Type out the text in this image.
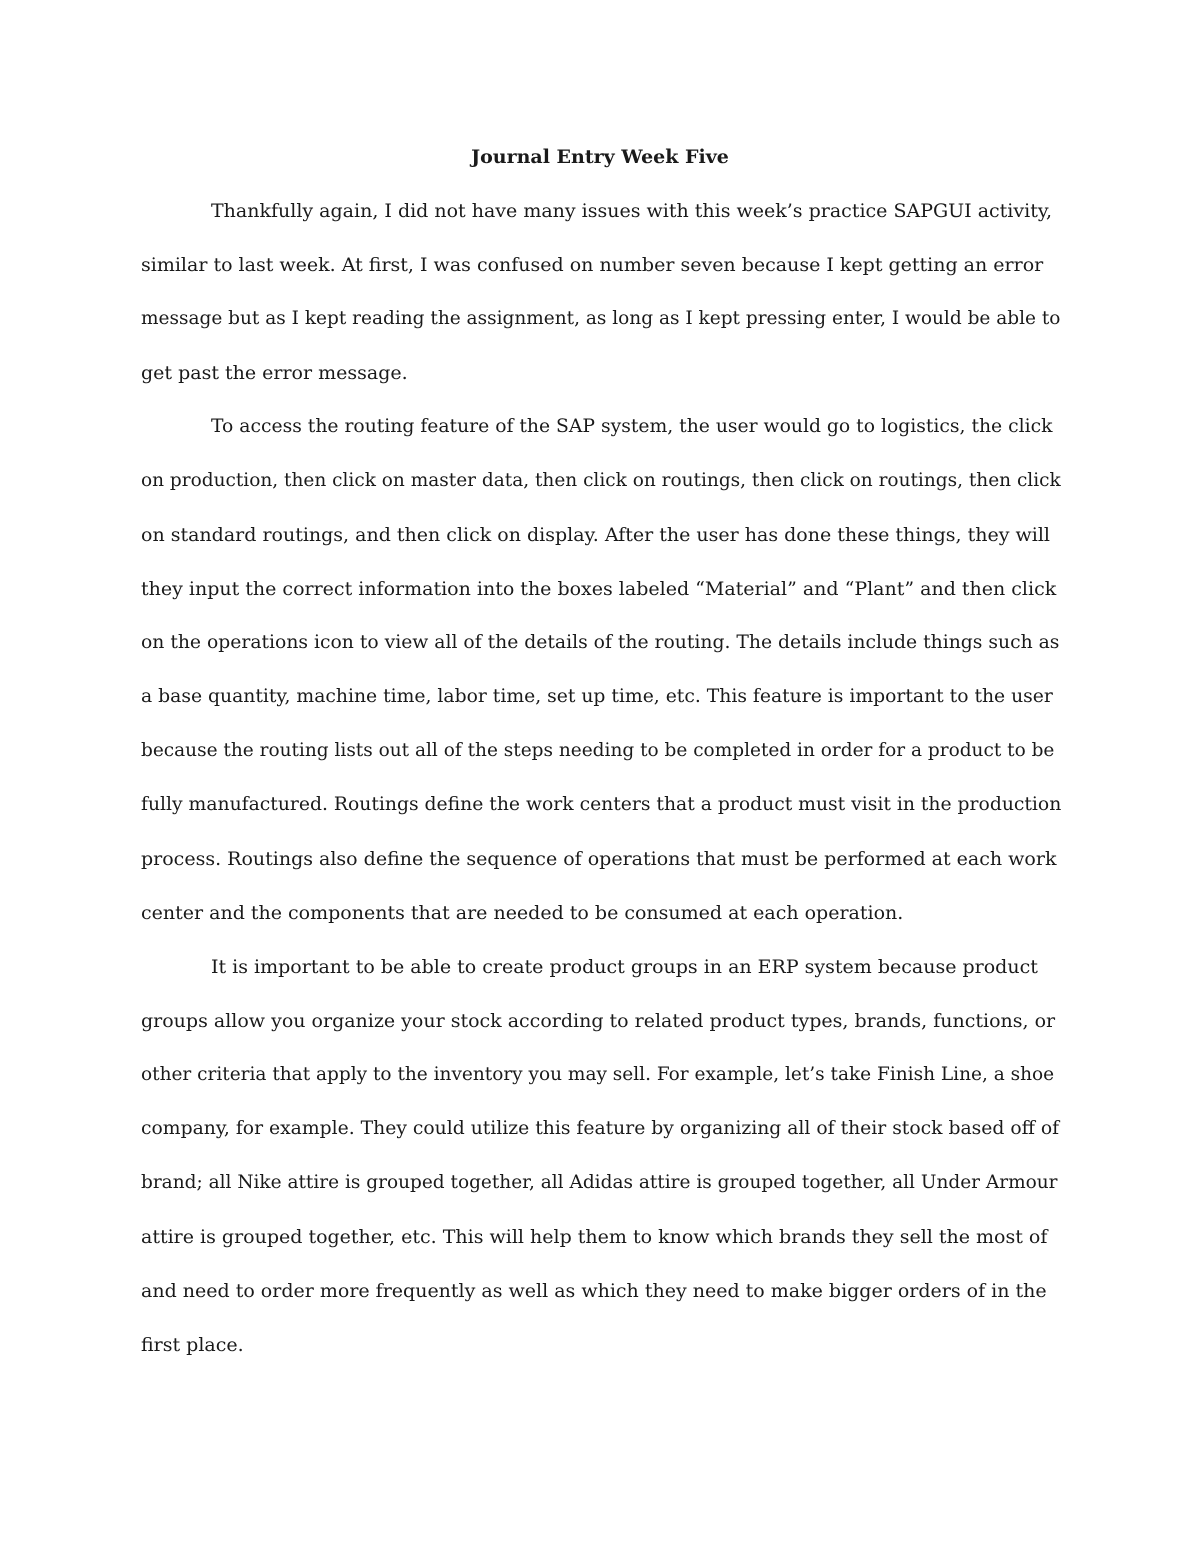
Journal Entry Week Five

Thankfully again, I did not have many issues with this week’s practice SAPGUI activity,

similar to last week. At first, I was confused on number seven because I kept getting an error

message but as I kept reading the assignment, as long as I kept pressing enter, I would be able to

get past the error message.

To access the routing feature of the SAP system, the user would go to logistics, the click

on production, then click on master data, then click on routings, then click on routings, then click

on standard routings, and then click on display. After the user has done these things, they will

they input the correct information into the boxes labeled “Material” and “Plant” and then click

on the operations icon to view all of the details of the routing. The details include things such as

a base quantity, machine time, labor time, set up time, etc. This feature is important to the user

because the routing lists out all of the steps needing to be completed in order for a product to be

fully manufactured. Routings define the work centers that a product must visit in the production

process. Routings also define the sequence of operations that must be performed at each work

center and the components that are needed to be consumed at each operation.

It is important to be able to create product groups in an ERP system because product

groups allow you organize your stock according to related product types, brands, functions, or

other criteria that apply to the inventory you may sell. For example, let’s take Finish Line, a shoe

company, for example. They could utilize this feature by organizing all of their stock based off of

brand; all Nike attire is grouped together, all Adidas attire is grouped together, all Under Armour

attire is grouped together, etc. This will help them to know which brands they sell the most of

and need to order more frequently as well as which they need to make bigger orders of in the

first place.
